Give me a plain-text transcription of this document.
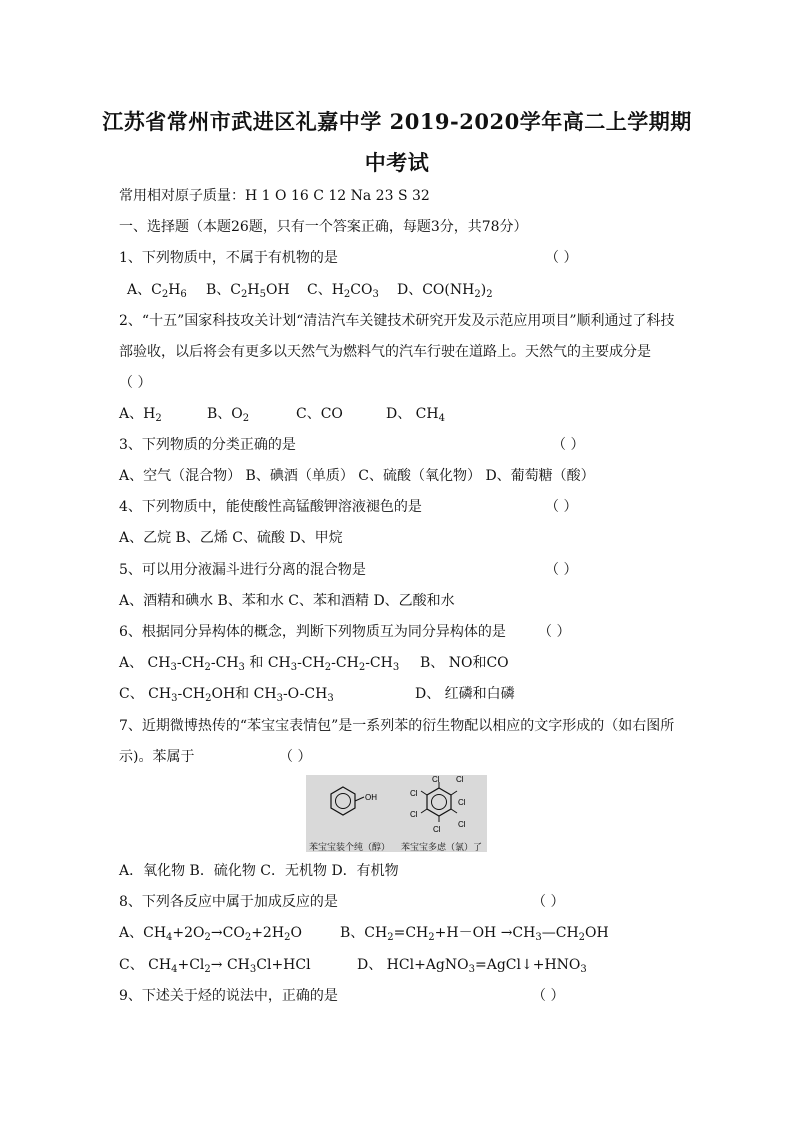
江苏省常州市武进区礼嘉中学 2019-2020学年高二上学期期
中考试
常用相对原子质量：H 1 O 16 C 12 Na 23 S 32
一、选择题（本题26题，只有一个答案正确，每题3分，共78分）
1、下列物质中，不属于有机物的是	（ ）
A、$C_2H_6$ B、$C_2H_5OH$ C、$H_2CO_3$ D、$CO(NH_2)_2$
2、“十五”国家科技攻关计划“清洁汽车关键技术研究开发及示范应用项目”顺利通过了科技
部验收，以后将会有更多以天然气为燃料气的汽车行驶在道路上。天然气的主要成分是
（ ）
A、$H_2$	B、$O_2$	C、CO	D、 $CH_4$
3、下列物质的分类正确的是	（ ）
A、空气（混合物） B、碘酒（单质） C、硫酸（氧化物） D、葡萄糖（酸）
4、下列物质中，能使酸性高锰酸钾溶液褪色的是	（ ）
A、乙烷 B、乙烯 C、硫酸 D、甲烷
5、可以用分液漏斗进行分离的混合物是	（ ）
A、酒精和碘水 B、苯和水 C、苯和酒精 D、乙酸和水
6、根据同分异构体的概念，判断下列物质互为同分异构体的是 （ ）
A、 $CH_3-CH_2-CH_3$ 和 $CH_3-CH_2-CH_2-CH_3$ B、 NO和CO
C、 $CH_3-CH_2OH$和 $CH_3-O-CH_3$	D、 红磷和白磷
7、近期微博热传的“苯宝宝表情包”是一系列苯的衍生物配以相应的文字形成的（如右图所
示)。苯属于	（ ）
OH
Cl Cl
Cl
Cl
Cl
Cl
Cl
苯宝宝装个纯（醇） 苯宝宝多虑（氯）了
A．氧化物 B．硫化物 C．无机物 D．有机物
8、下列各反应中属于加成反应的是	（ ）
A、$CH_4+2O_2\to CO_2+2H_2O$	B、$CH_2=CH_2+H-OH$ $\to CH_3—CH_2OH$
C、 $CH_4+Cl_2\to CH_3Cl+HCl$	D、 $HCl+AgNO_3=AgCl↓+HNO_3$
9、下述关于烃的说法中，正确的是	（ ）
